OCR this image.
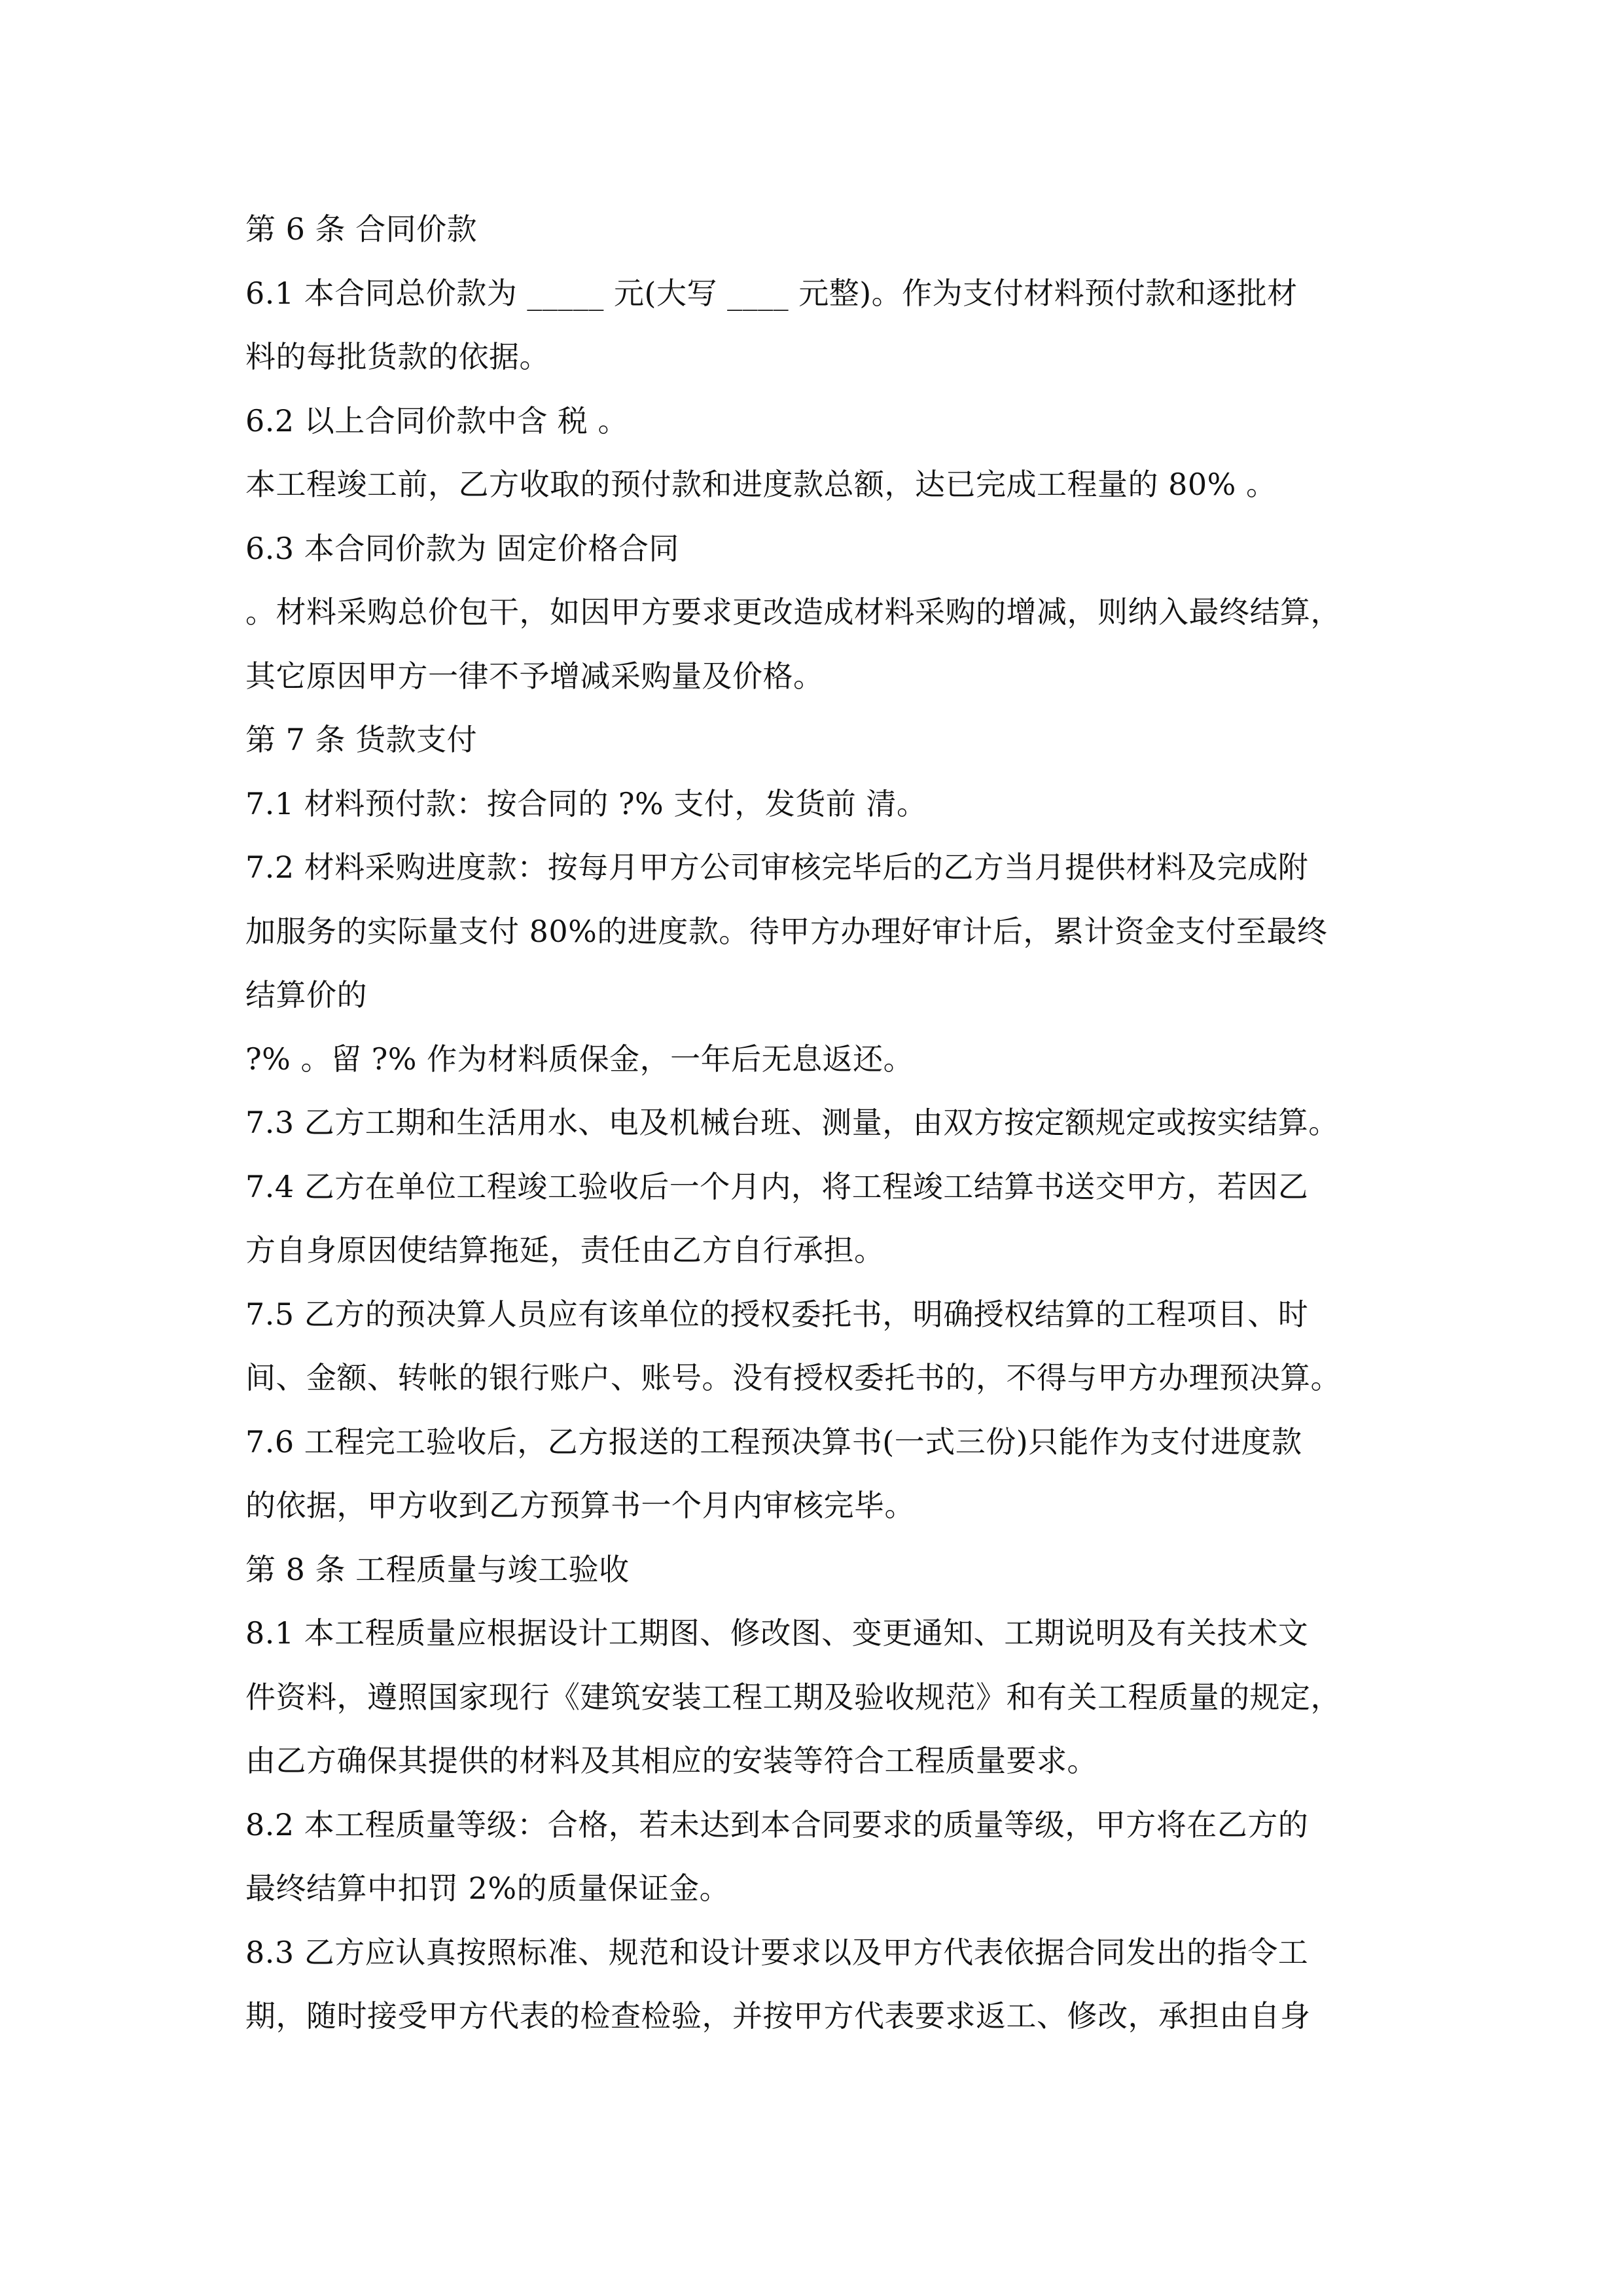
第 6 条 合同价款
6.1 本合同总价款为 _____ 元(大写 ____ 元整)。作为支付材料预付款和逐批材
料的每批货款的依据。
6.2 以上合同价款中含 税 。
本工程竣工前，乙方收取的预付款和进度款总额，达已完成工程量的 80% 。
6.3 本合同价款为 固定价格合同
。材料采购总价包干，如因甲方要求更改造成材料采购的增减，则纳入最终结算，
其它原因甲方一律不予增减采购量及价格。
第 7 条 货款支付
7.1 材料预付款：按合同的 ?% 支付，发货前 清。
7.2 材料采购进度款：按每月甲方公司审核完毕后的乙方当月提供材料及完成附
加服务的实际量支付 80%的进度款。待甲方办理好审计后，累计资金支付至最终
结算价的
?% 。留 ?% 作为材料质保金，一年后无息返还。
7.3 乙方工期和生活用水、电及机械台班、测量，由双方按定额规定或按实结算。
7.4 乙方在单位工程竣工验收后一个月内，将工程竣工结算书送交甲方，若因乙
方自身原因使结算拖延，责任由乙方自行承担。
7.5 乙方的预决算人员应有该单位的授权委托书，明确授权结算的工程项目、时
间、金额、转帐的银行账户、账号。没有授权委托书的，不得与甲方办理预决算。
7.6 工程完工验收后，乙方报送的工程预决算书(一式三份)只能作为支付进度款
的依据，甲方收到乙方预算书一个月内审核完毕。
第 8 条 工程质量与竣工验收
8.1 本工程质量应根据设计工期图、修改图、变更通知、工期说明及有关技术文
件资料，遵照国家现行《建筑安装工程工期及验收规范》和有关工程质量的规定，
由乙方确保其提供的材料及其相应的安装等符合工程质量要求。
8.2 本工程质量等级：合格，若未达到本合同要求的质量等级，甲方将在乙方的
最终结算中扣罚 2%的质量保证金。
8.3 乙方应认真按照标准、规范和设计要求以及甲方代表依据合同发出的指令工
期，随时接受甲方代表的检查检验，并按甲方代表要求返工、修改，承担由自身
